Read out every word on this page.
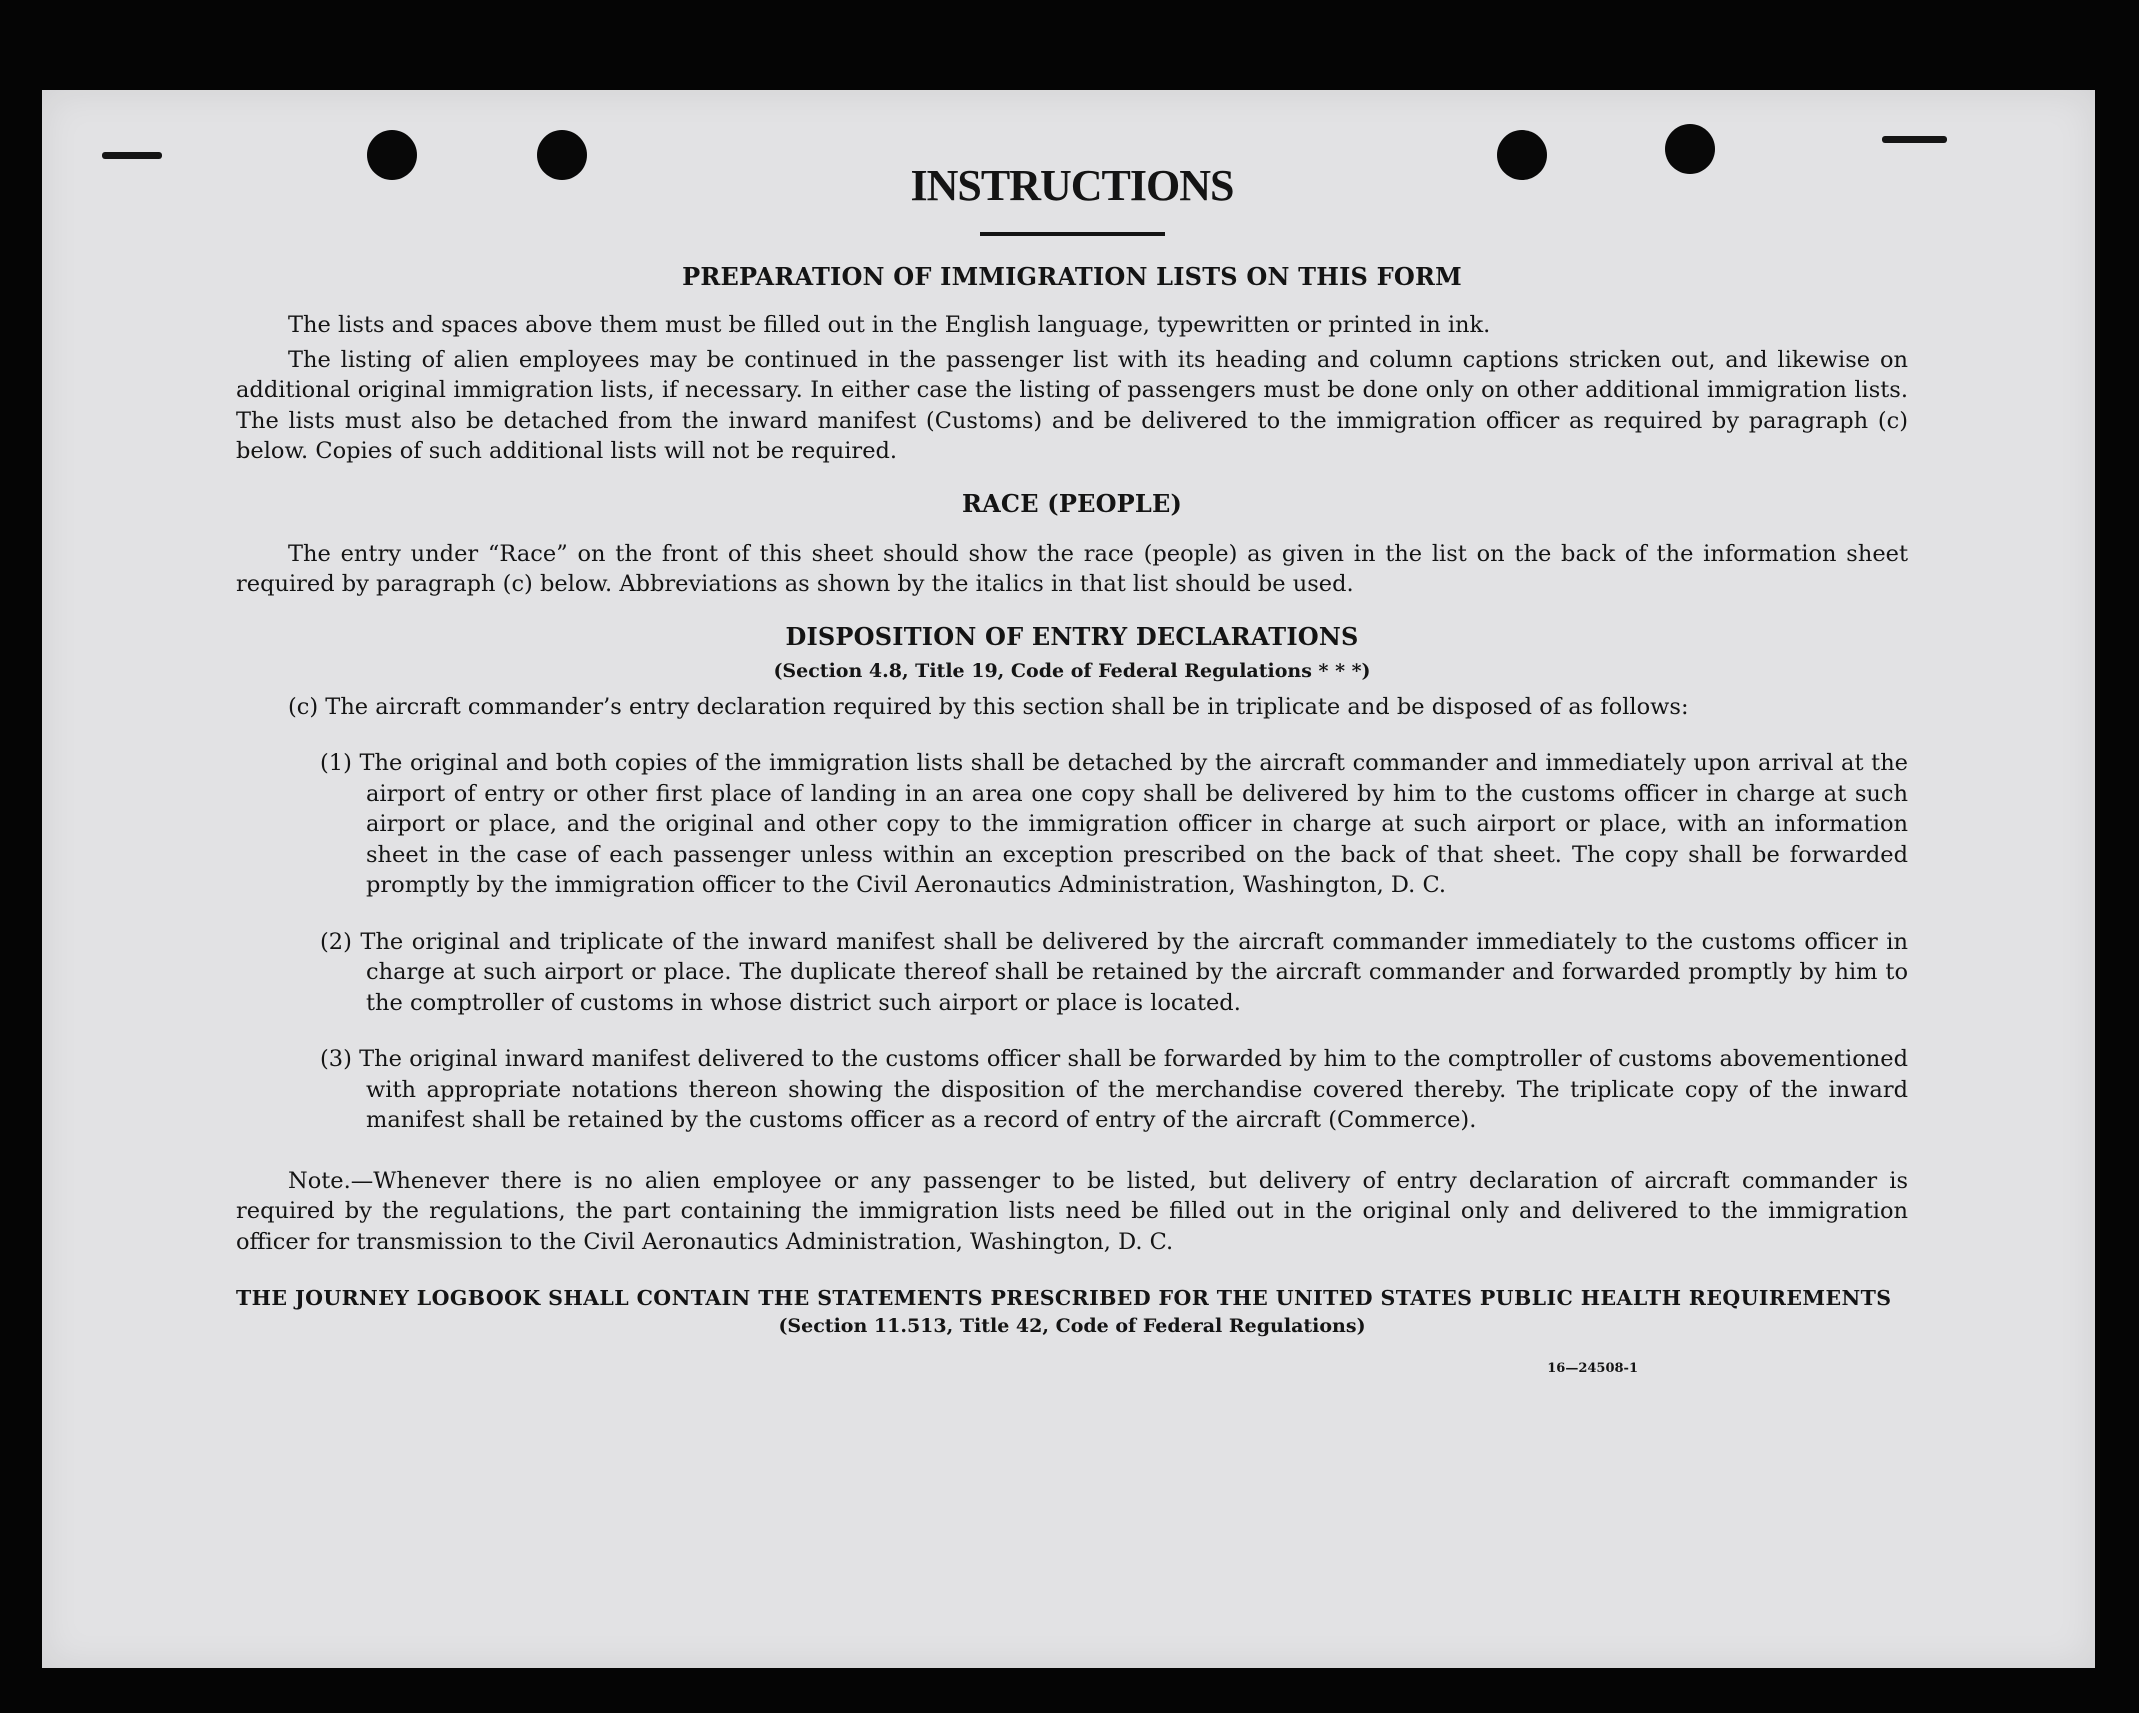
INSTRUCTIONS
PREPARATION OF IMMIGRATION LISTS ON THIS FORM

The lists and spaces above them must be filled out in the English language, typewritten or printed in ink.

The listing of alien employees may be continued in the passenger list with its heading and column captions stricken out, and likewise on additional original immigration lists, if necessary. In either case the listing of passengers must be done only on other additional immigration lists. The lists must also be detached from the inward manifest (Customs) and be delivered to the immigration officer as required by paragraph (c) below. Copies of such additional lists will not be required.

RACE (PEOPLE)

The entry under “Race” on the front of this sheet should show the race (people) as given in the list on the back of the information sheet required by paragraph (c) below. Abbreviations as shown by the italics in that list should be used.

DISPOSITION OF ENTRY DECLARATIONS
(Section 4.8, Title 19, Code of Federal Regulations * * *)

(c) The aircraft commander’s entry declaration required by this section shall be in triplicate and be disposed of as follows:

(1) The original and both copies of the immigration lists shall be detached by the aircraft commander and immediately upon arrival at the airport of entry or other first place of landing in an area one copy shall be delivered by him to the customs officer in charge at such airport or place, and the original and other copy to the immigration officer in charge at such airport or place, with an information sheet in the case of each passenger unless within an exception prescribed on the back of that sheet. The copy shall be forwarded promptly by the immigration officer to the Civil Aeronautics Administration, Washington, D. C.

(2) The original and triplicate of the inward manifest shall be delivered by the aircraft commander immediately to the customs officer in charge at such airport or place. The duplicate thereof shall be retained by the aircraft commander and forwarded promptly by him to the comptroller of customs in whose district such airport or place is located.

(3) The original inward manifest delivered to the customs officer shall be forwarded by him to the comptroller of customs abovementioned with appropriate notations thereon showing the disposition of the merchandise covered thereby. The triplicate copy of the inward manifest shall be retained by the customs officer as a record of entry of the aircraft (Commerce).

Note.—Whenever there is no alien employee or any passenger to be listed, but delivery of entry declaration of aircraft commander is required by the regulations, the part containing the immigration lists need be filled out in the original only and delivered to the immigration officer for transmission to the Civil Aeronautics Administration, Washington, D. C.

THE JOURNEY LOGBOOK SHALL CONTAIN THE STATEMENTS PRESCRIBED FOR THE UNITED STATES PUBLIC HEALTH REQUIREMENTS
(Section 11.513, Title 42, Code of Federal Regulations)
16—24508-1
